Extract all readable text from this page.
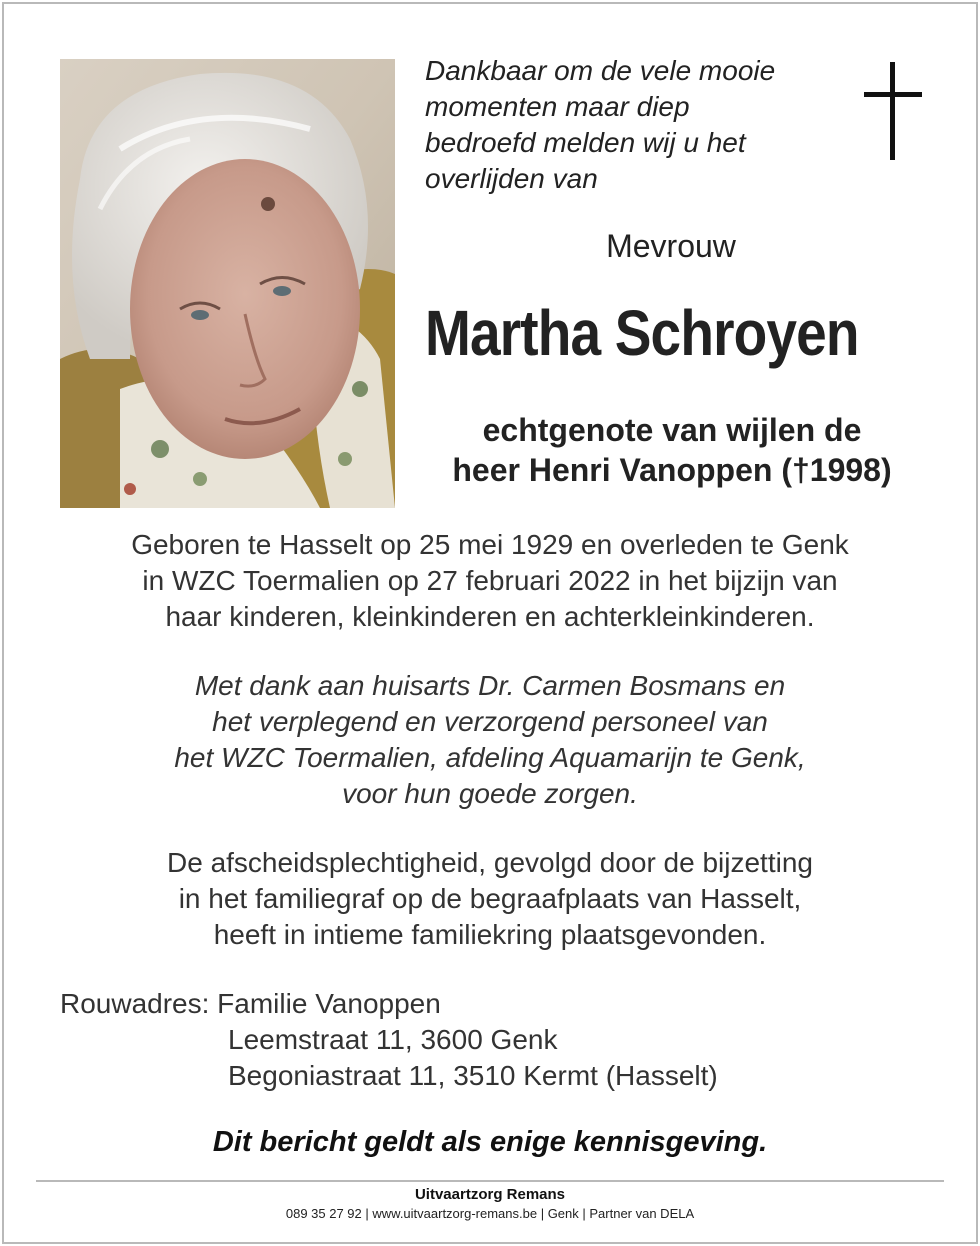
Dankbaar om de vele mooie
momenten maar diep
bedroefd melden wij u het
overlijden van
Mevrouw
Martha Schroyen
echtgenote van wijlen de
heer Henri Vanoppen (†1998)
Geboren te Hasselt op 25 mei 1929 en overleden te Genk
in WZC Toermalien op 27 februari 2022 in het bijzijn van
haar kinderen, kleinkinderen en achterkleinkinderen.
Met dank aan huisarts Dr. Carmen Bosmans en
het verplegend en verzorgend personeel van
het WZC Toermalien, afdeling Aquamarijn te Genk,
voor hun goede zorgen.
De afscheidsplechtigheid, gevolgd door de bijzetting
in het familiegraf op de begraafplaats van Hasselt,
heeft in intieme familiekring plaatsgevonden.
Rouwadres: Familie Vanoppen
Leemstraat 11, 3600 Genk
Begoniastraat 11, 3510 Kermt (Hasselt)
Dit bericht geldt als enige kennisgeving.
Uitvaartzorg Remans
089 35 27 92 | www.uitvaartzorg-remans.be | Genk | Partner van DELA
